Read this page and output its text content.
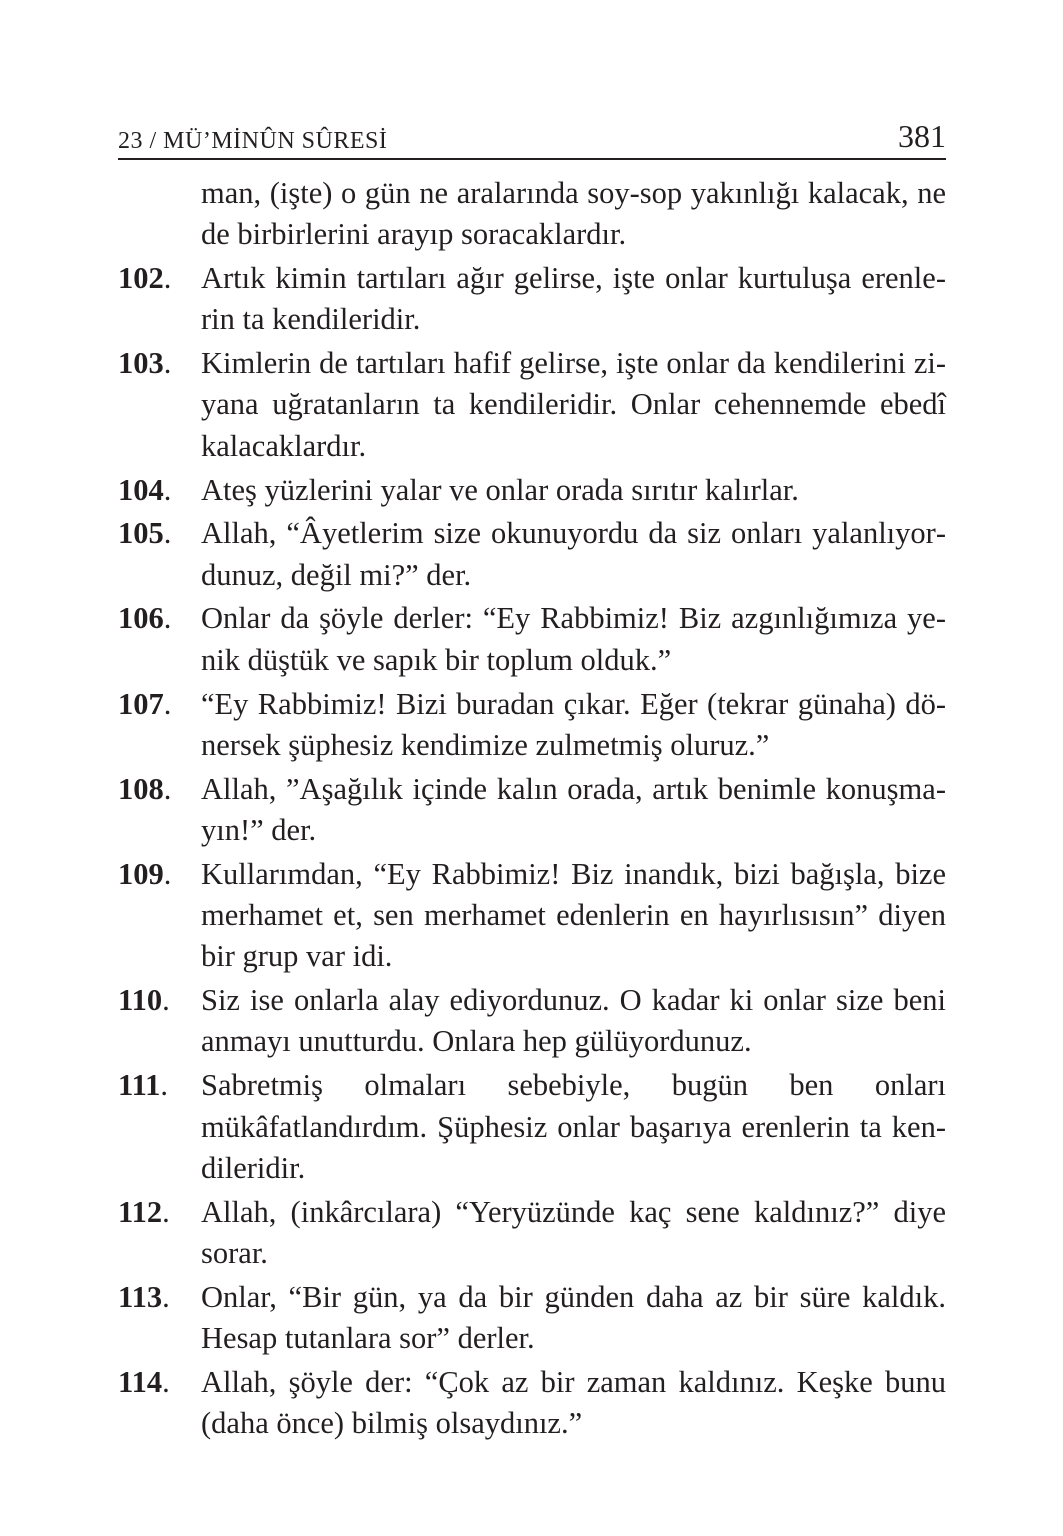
23 / MÜ’MİNÛN SÛRESİ	381

man, (işte) o gün ne aralarında soy-sop yakınlığı kalacak, ne de birbirlerini arayıp soracaklardır.

102. Artık kimin tartıları ağır gelirse, işte onlar kurtuluşa erenlerin ta kendileridir.

103. Kimlerin de tartıları hafif gelirse, işte onlar da kendilerini ziyana uğratanların ta kendileridir. Onlar cehennemde ebedî kalacaklardır.

104. Ateş yüzlerini yalar ve onlar orada sırıtır kalırlar.

105. Allah, “Âyetlerim size okunuyordu da siz onları yalanlıyordunuz, değil mi?” der.

106. Onlar da şöyle derler: “Ey Rabbimiz! Biz azgınlığımıza yenik düştük ve sapık bir toplum olduk.”

107. “Ey Rabbimiz! Bizi buradan çıkar. Eğer (tekrar günaha) dönersek şüphesiz kendimize zulmetmiş oluruz.”

108. Allah, ”Aşağılık içinde kalın orada, artık benimle konuşmayın!” der.

109. Kullarımdan, “Ey Rabbimiz! Biz inandık, bizi bağışla, bize merhamet et, sen merhamet edenlerin en hayırlısısın” diyen bir grup var idi.

110. Siz ise onlarla alay ediyordunuz. O kadar ki onlar size beni anmayı unutturdu. Onlara hep gülüyordunuz.

111. Sabretmiş olmaları sebebiyle, bugün ben onları mükâfatlandırdım. Şüphesiz onlar başarıya erenlerin ta kendileridir.

112. Allah, (inkârcılara) “Yeryüzünde kaç sene kaldınız?” diye sorar.

113. Onlar, “Bir gün, ya da bir günden daha az bir süre kaldık. Hesap tutanlara sor” derler.

114. Allah, şöyle der: “Çok az bir zaman kaldınız. Keşke bunu (daha önce) bilmiş olsaydınız.”
